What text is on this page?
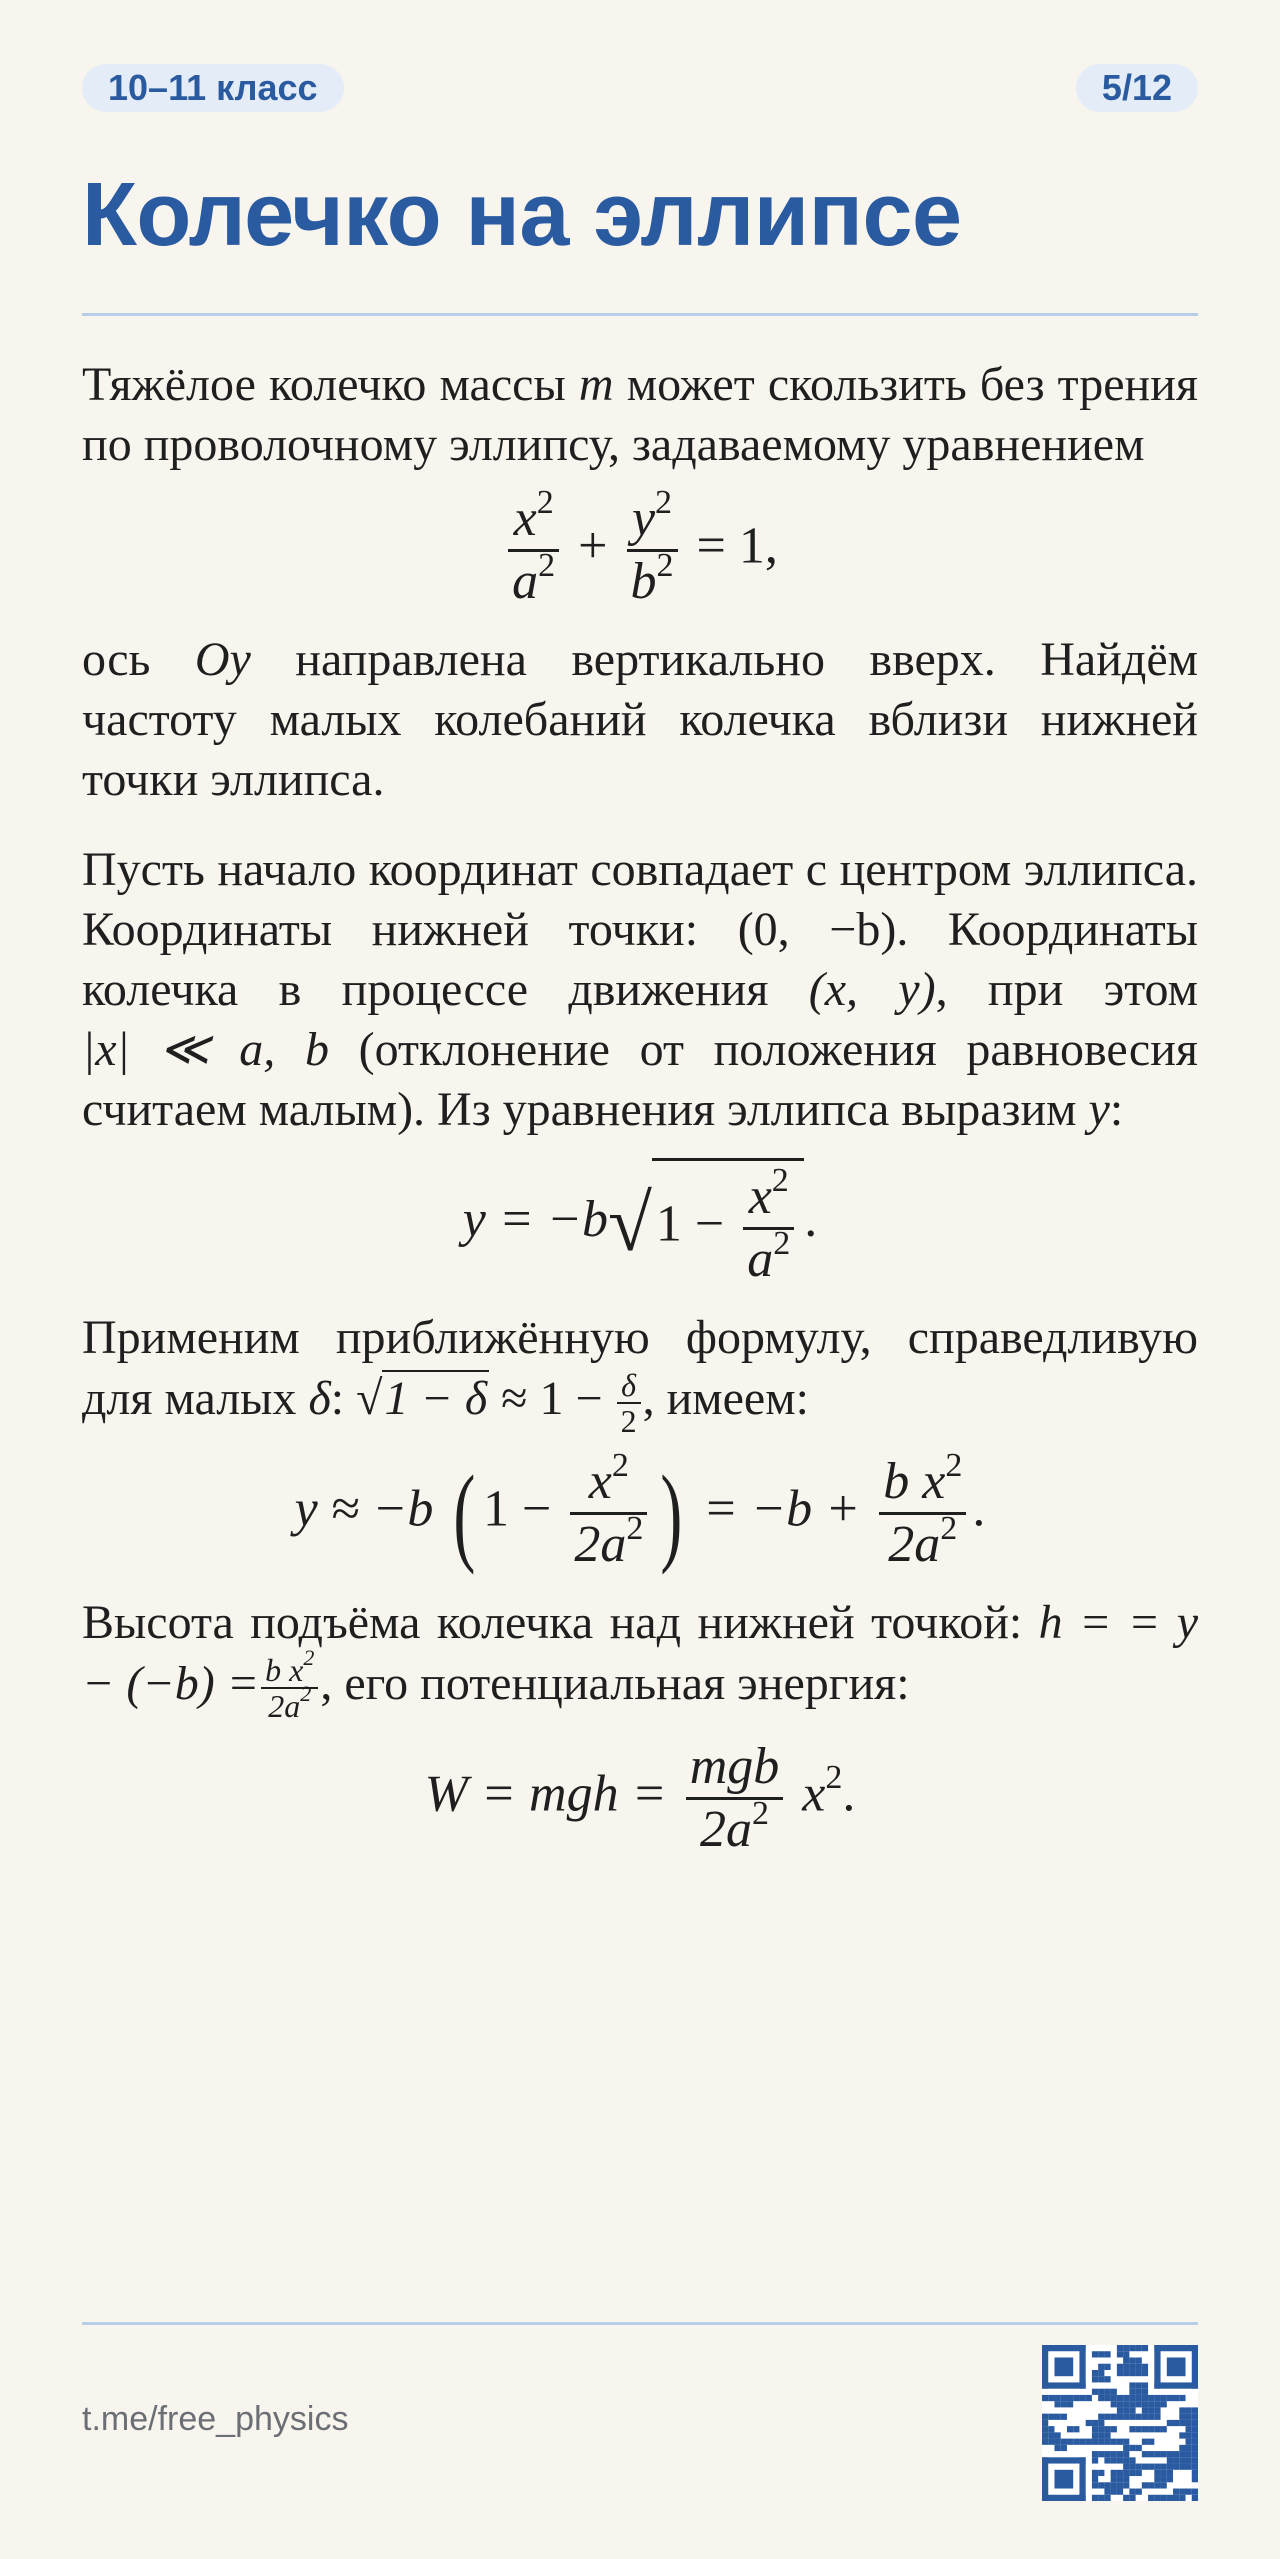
10–11 класс	5/12
Колечко на эллипсе

Тяжёлое колечко массы m может скользить без трения по проволочному эллипсу, задаваемому уравнением

$\frac{x^2}{a^2} + \frac{y^2}{b^2} = 1$,

ось Oy направлена вертикально вверх. Найдём частоту малых колебаний колечка вблизи нижней точки эллипса.

Пусть начало координат совпадает с центром эллипса. Координаты нижней точки: (0, −b). Координаты колечка в процессе движения (x, y), при этом |x| ≪ a, b (отклонение от положения равновесия считаем малым). Из уравнения эллипса выразим y:

$y = -b√1 - \frac{x^2}{a^2}$ .

Применим приближённую формулу, справедливую для малых δ: $√1 - \delta \approx 1 - \frac{\delta}{2}$ , имеем:

y ≈ −b ( $1 - \frac{x^2}{2a^2}$ ) = $-b + \frac{b x^2}{2a^2}$ .

Высота подъёма колечка над нижней точкой: h = = $y - (-b) = \frac{b x^2}{2a^2}$ , его потенциальная энергия:

W = mgh = $\frac{\text{mgb}}{2a^2} x^2$.
t.me/free_physics
